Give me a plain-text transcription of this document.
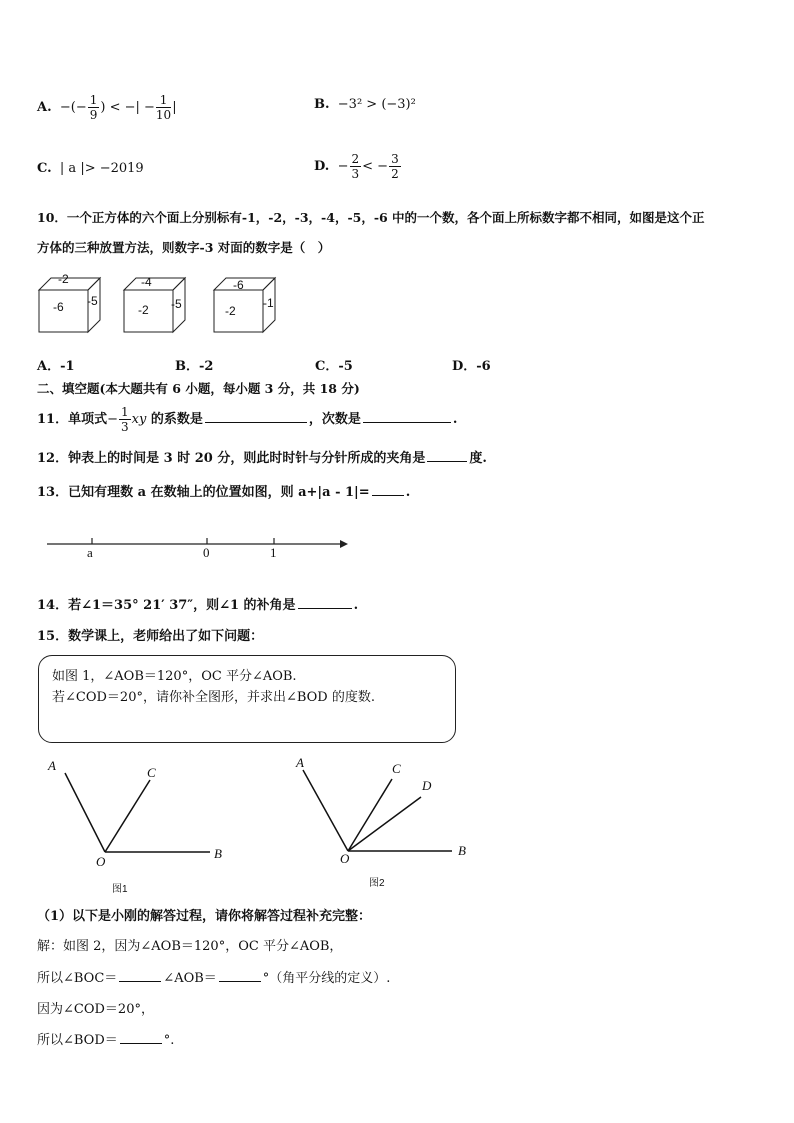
A. −(− $\frac{1}{9}$ ) < −| − $\frac{1}{10}$ |	B. −3² > (−3)²
C. | a |> −2019	D. − $\frac{2}{3}$ < − $\frac{3}{2}$
10．一个正方体的六个面上分别标有-1，-2，-3，-4，-5，-6 中的一个数，各个面上所标数字都不相同，如图是这个正
方体的三种放置方法，则数字-3 对面的数字是（　）
-2
-6 -5
-4
-2 -5
-6
-2
-1
A．-1	B．-2	C．-5	D．-6
二、填空题(本大题共有 6 小题，每小题 3 分，共 18 分)
11．单项式− $\frac{1}{3}$ xy 的系数是	，次数是	.
12．钟表上的时间是 3 时 20 分，则此时时针与分针所成的夹角是	度.
13．已知有理数 a 在数轴上的位置如图，则 a+|a - 1|=	.
a	0	1
14．若∠1＝35° 21′ 37″，则∠1 的补角是	.
15．数学课上，老师给出了如下问题：
如图 1，∠AOB＝120°，OC 平分∠AOB.
若∠COD＝20°，请你补全图形，并求出∠BOD 的度数.
A	C
O
B
图1
A	C
D
O
B
图2
（1）以下是小刚的解答过程，请你将解答过程补充完整：
解：如图 2，因为∠AOB＝120°，OC 平分∠AOB，
所以∠BOC＝	∠AOB＝	°（角平分线的定义）.
因为∠COD＝20°，
所以∠BOD＝	°.
